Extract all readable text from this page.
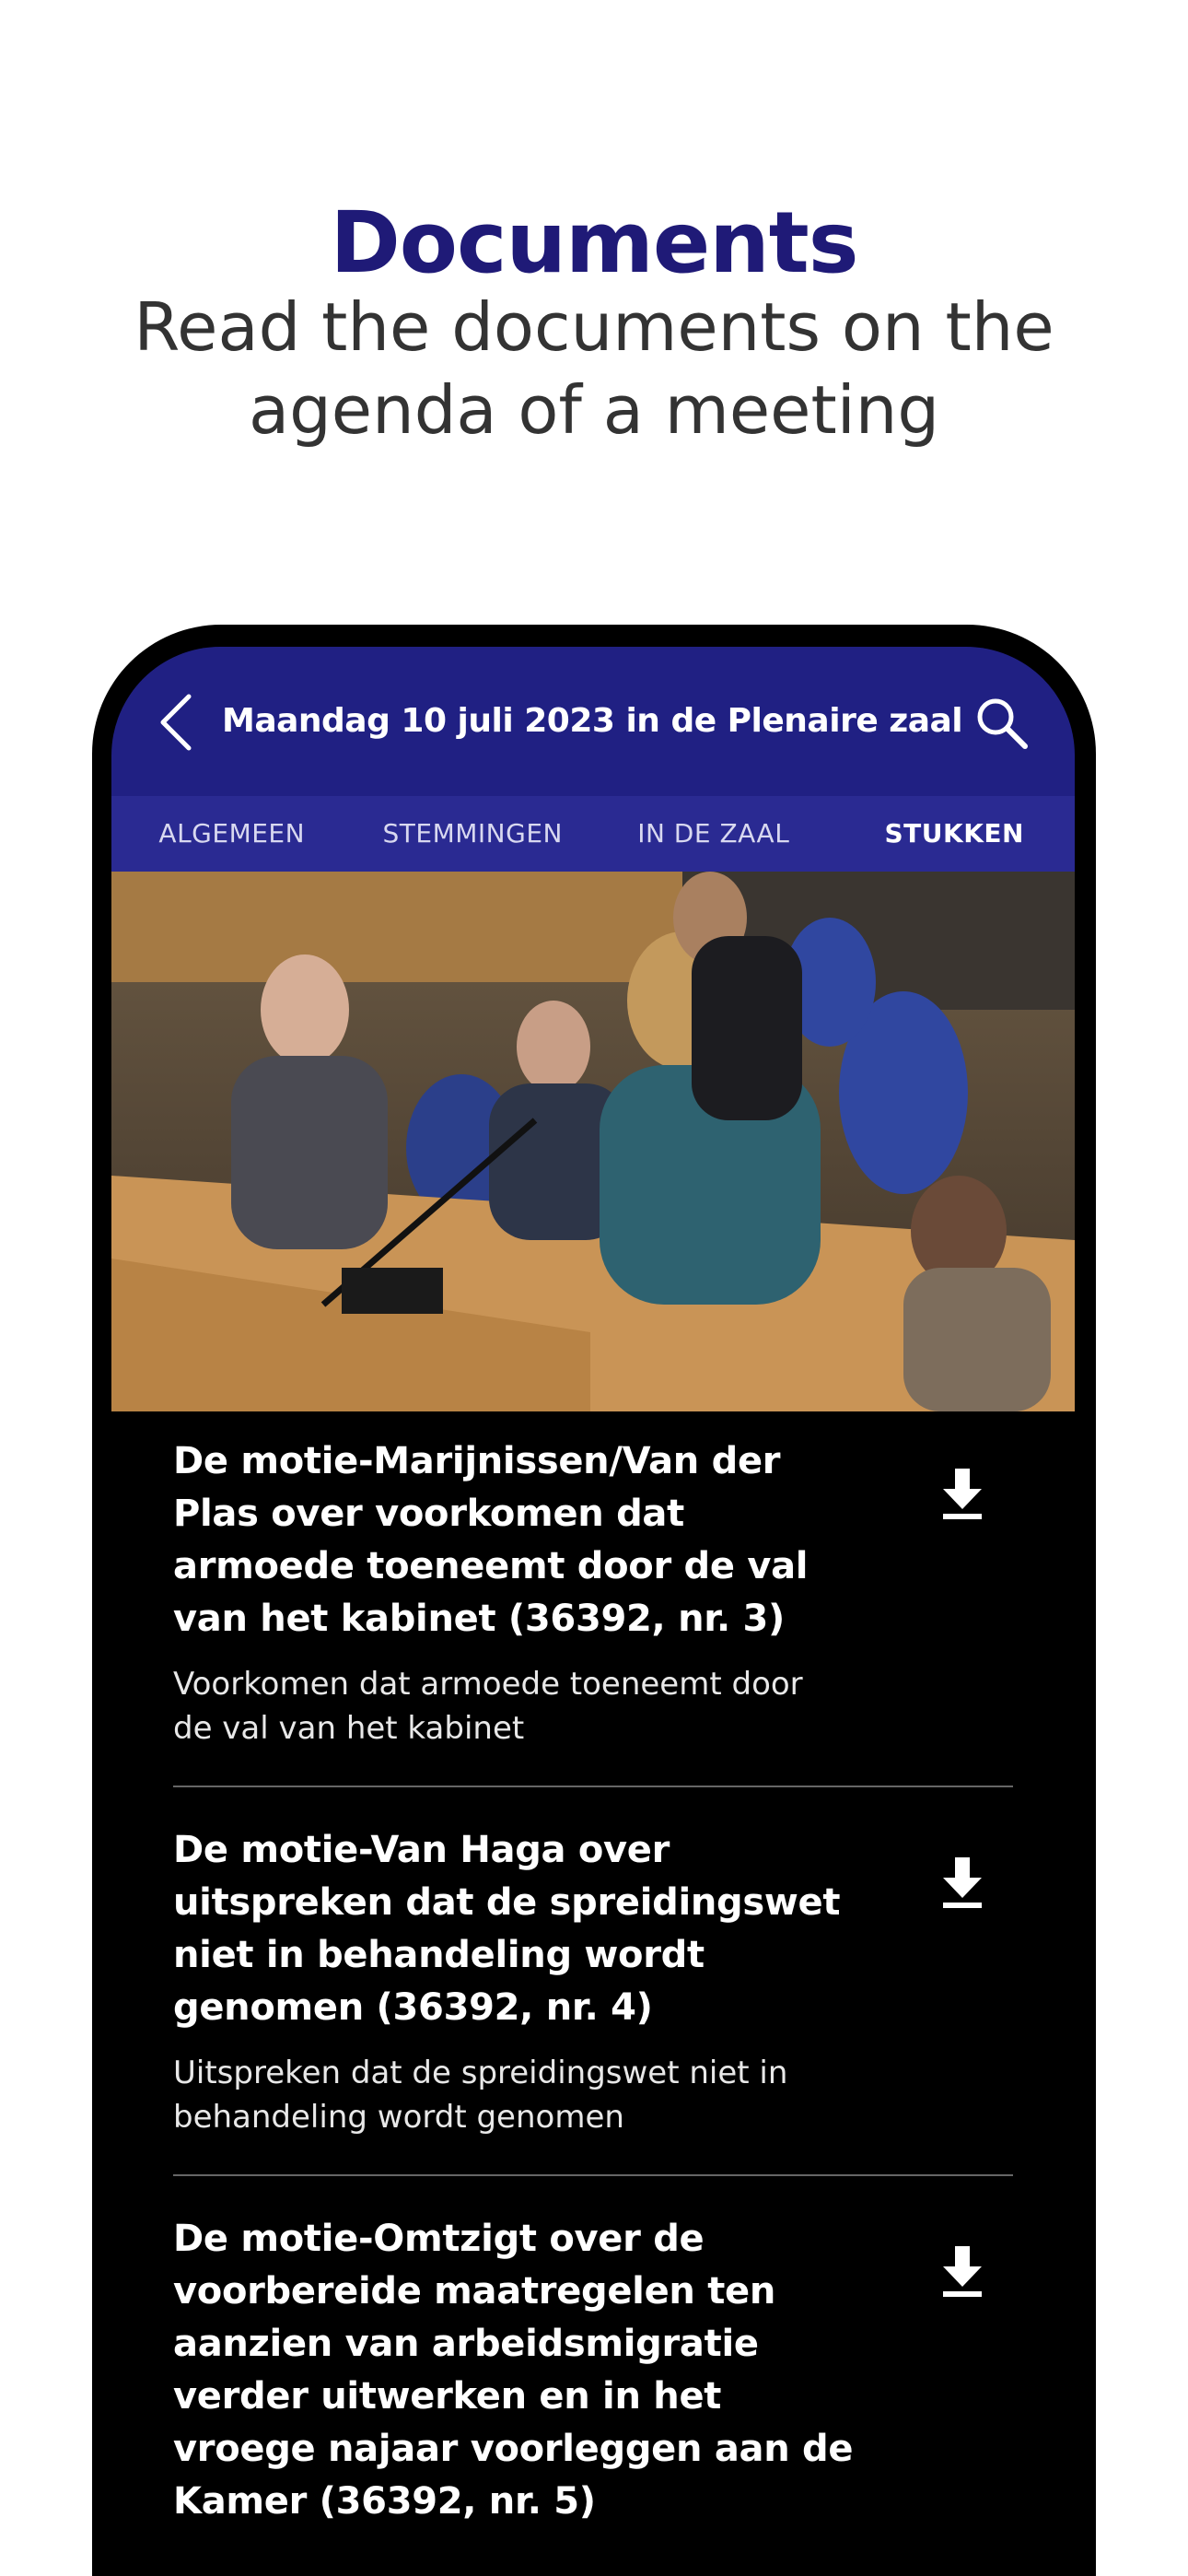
Documents
Read the documents on the agenda of a meeting
Maandag 10 juli 2023 in de Plenaire zaal
ALGEMEEN	STEMMINGEN	IN DE ZAAL	STUKKEN
De motie-Marijnissen/Van der Plas over voorkomen dat armoede toeneemt door de val van het kabinet (36392, nr. 3)
Voorkomen dat armoede toeneemt door de val van het kabinet
De motie-Van Haga over uitspreken dat de spreidingswet niet in behandeling wordt genomen (36392, nr. 4)
Uitspreken dat de spreidingswet niet in behandeling wordt genomen
De motie-Omtzigt over de voorbereide maatregelen ten aanzien van arbeidsmigratie verder uitwerken en in het vroege najaar voorleggen aan de Kamer (36392, nr. 5)
